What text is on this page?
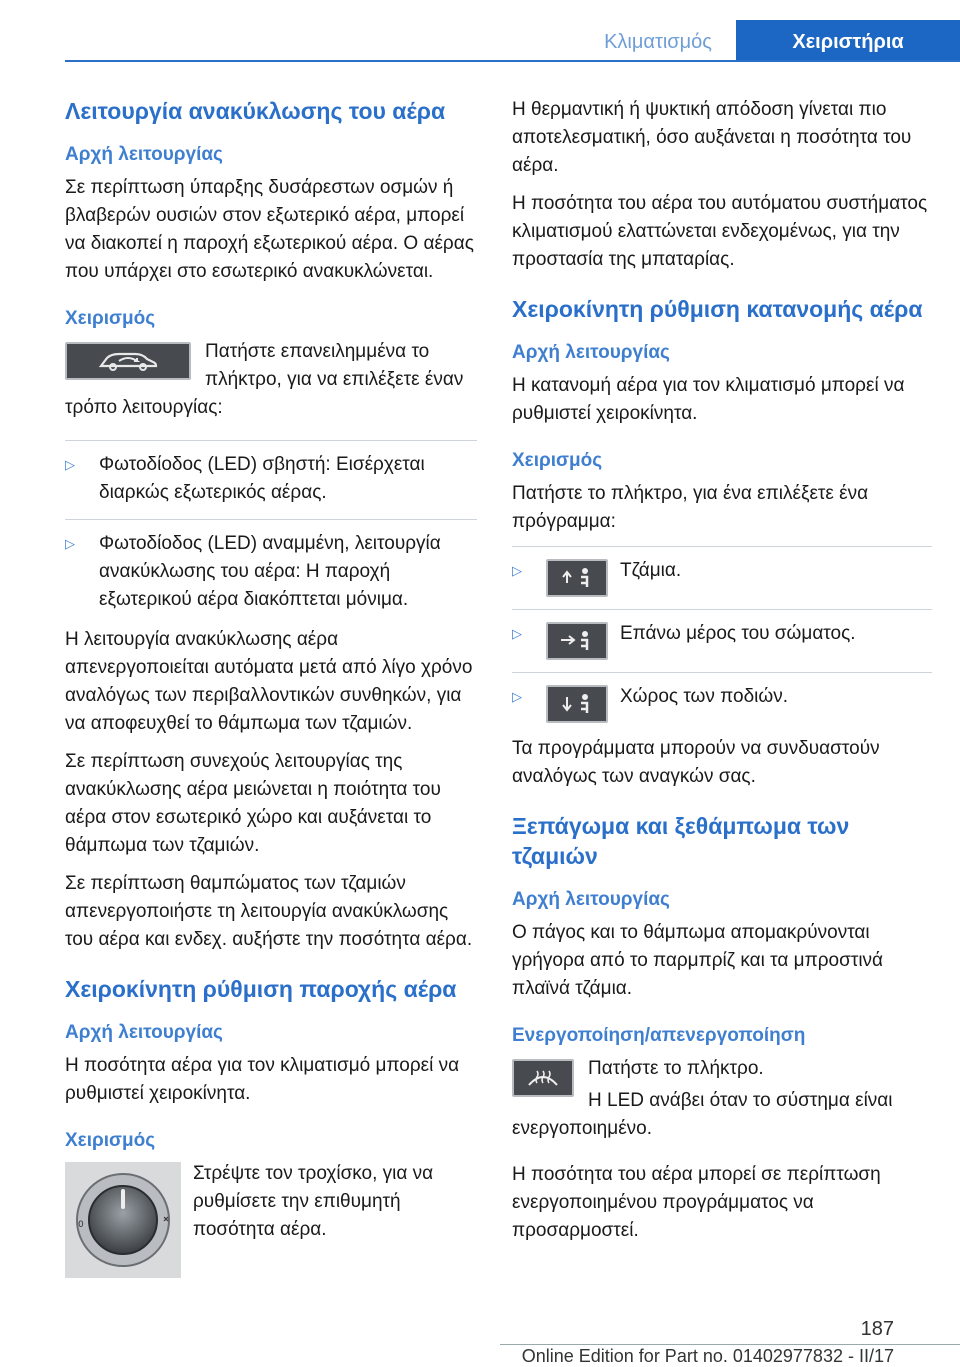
Κλιματισμός	Χειριστήρια
Λειτουργία ανακύκλωσης του αέρα
Αρχή λειτουργίας
Σε περίπτωση ύπαρξης δυσάρεστων οσμών ή βλαβερών ουσιών στον εξωτερικό αέρα, μπορεί να διακοπεί η παροχή εξωτερικού αέρα. Ο αέρας που υπάρχει στο εσωτερικό ανακυκλώνεται.
Χειρισμός
Πατήστε επανειλημμένα το πλήκτρο, για να επιλέξετε έναν τρόπο λειτουργίας:
▷	Φωτοδίοδος (LED) σβηστή: Εισέρχεται διαρκώς εξωτερικός αέρας.
▷	Φωτοδίοδος (LED) αναμμένη, λειτουργία ανακύκλωσης του αέρα: Η παροχή εξωτερικού αέρα διακόπτεται μόνιμα.
Η λειτουργία ανακύκλωσης αέρα απενεργοποιείται αυτόματα μετά από λίγο χρόνο αναλόγως των περιβαλλοντικών συνθηκών, για να αποφευχθεί το θάμπωμα των τζαμιών.
Σε περίπτωση συνεχούς λειτουργίας της ανακύκλωσης αέρα μειώνεται η ποιότητα του αέρα στον εσωτερικό χώρο και αυξάνεται το θάμπωμα των τζαμιών.
Σε περίπτωση θαμπώματος των τζαμιών απενεργοποιήστε τη λειτουργία ανακύκλωσης του αέρα και ενδεχ. αυξήστε την ποσότητα αέρα.
Χειροκίνητη ρύθμιση παροχής αέρα
Αρχή λειτουργίας
Η ποσότητα αέρα για τον κλιματισμό μπορεί να ρυθμιστεί χειροκίνητα.
Χειρισμός
0
Στρέψτε τον τροχίσκο, για να ρυθμίσετε την επιθυμητή ποσότητα αέρα.
Η θερμαντική ή ψυκτική απόδοση γίνεται πιο αποτελεσματική, όσο αυξάνεται η ποσότητα του αέρα.
Η ποσότητα του αέρα του αυτόματου συστήματος κλιματισμού ελαττώνεται ενδεχομένως, για την προστασία της μπαταρίας.
Χειροκίνητη ρύθμιση κατανομής αέρα
Αρχή λειτουργίας
Η κατανομή αέρα για τον κλιματισμό μπορεί να ρυθμιστεί χειροκίνητα.
Χειρισμός
Πατήστε το πλήκτρο, για ένα επιλέξετε ένα πρόγραμμα:
▷	Τζάμια.
▷	Επάνω μέρος του σώματος.
▷	Χώρος των ποδιών.
Τα προγράμματα μπορούν να συνδυαστούν αναλόγως των αναγκών σας.
Ξεπάγωμα και ξεθάμπωμα των τζαμιών
Αρχή λειτουργίας
Ο πάγος και το θάμπωμα απομακρύνονται γρήγορα από το παρμπρίζ και τα μπροστινά πλαϊνά τζάμια.
Ενεργοποίηση/απενεργοποίηση
Πατήστε το πλήκτρο.
Η LED ανάβει όταν το σύστημα είναι ενεργοποιημένο.
Η ποσότητα του αέρα μπορεί σε περίπτωση ενεργοποιημένου προγράμματος να προσαρμοστεί.
187
Online Edition for Part no. 01402977832 - II/17
